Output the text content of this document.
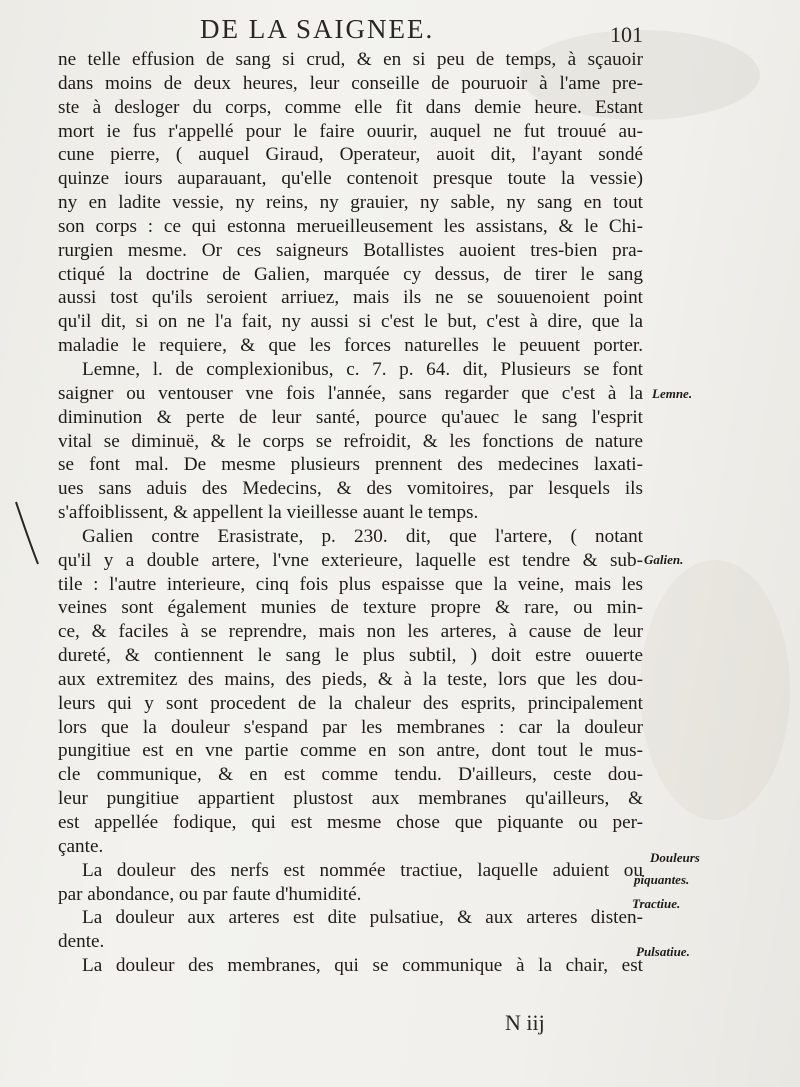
DE LA SAIGNEE.	101
ne telle effusion de sang si crud, & en si peu de temps, à sçauoir
dans moins de deux heures, leur conseille de pouruoir à l'ame pre-
ste à desloger du corps, comme elle fit dans demie heure. Estant
mort ie fus r'appellé pour le faire ouurir, auquel ne fut trouué au-
cune pierre, ( auquel Giraud, Operateur, auoit dit, l'ayant sondé
quinze iours auparauant, qu'elle contenoit presque toute la vessie)
ny en ladite vessie, ny reins, ny grauier, ny sable, ny sang en tout
son corps : ce qui estonna merueilleusement les assistans, & le Chi-
rurgien mesme. Or ces saigneurs Botallistes auoient tres-bien pra-
ctiqué la doctrine de Galien, marquée cy dessus, de tirer le sang
aussi tost qu'ils seroient arriuez, mais ils ne se souuenoient point
qu'il dit, si on ne l'a fait, ny aussi si c'est le but, c'est à dire, que la
maladie le requiere, & que les forces naturelles le peuuent porter.
Lemne, l. de complexionibus, c. 7. p. 64. dit, Plusieurs se font
saigner ou ventouser vne fois l'année, sans regarder que c'est à la
diminution & perte de leur santé, pource qu'auec le sang l'esprit
vital se diminuë, & le corps se refroidit, & les fonctions de nature
se font mal. De mesme plusieurs prennent des medecines laxati-
ues sans aduis des Medecins, & des vomitoires, par lesquels ils
s'affoiblissent, & appellent la vieillesse auant le temps.
Galien contre Erasistrate, p. 230. dit, que l'artere, ( notant
qu'il y a double artere, l'vne exterieure, laquelle est tendre & sub-
tile : l'autre interieure, cinq fois plus espaisse que la veine, mais les
veines sont également munies de texture propre & rare, ou min-
ce, & faciles à se reprendre, mais non les arteres, à cause de leur
dureté, & contiennent le sang le plus subtil, ) doit estre ouuerte
aux extremitez des mains, des pieds, & à la teste, lors que les dou-
leurs qui y sont procedent de la chaleur des esprits, principalement
lors que la douleur s'espand par les membranes : car la douleur
pungitiue est en vne partie comme en son antre, dont tout le mus-
cle communique, & en est comme tendu. D'ailleurs, ceste dou-
leur pungitiue appartient plustost aux membranes qu'ailleurs, &
est appellée fodique, qui est mesme chose que piquante ou per-
çante.
La douleur des nerfs est nommée tractiue, laquelle aduient ou
par abondance, ou par faute d'humidité.
La douleur aux arteres est dite pulsatiue, & aux arteres disten-
dente.
La douleur des membranes, qui se communique à la chair, est
Lemne.
Galien.
Douleurs
piquantes.
Tractiue.
Pulsatiue.
N iij
